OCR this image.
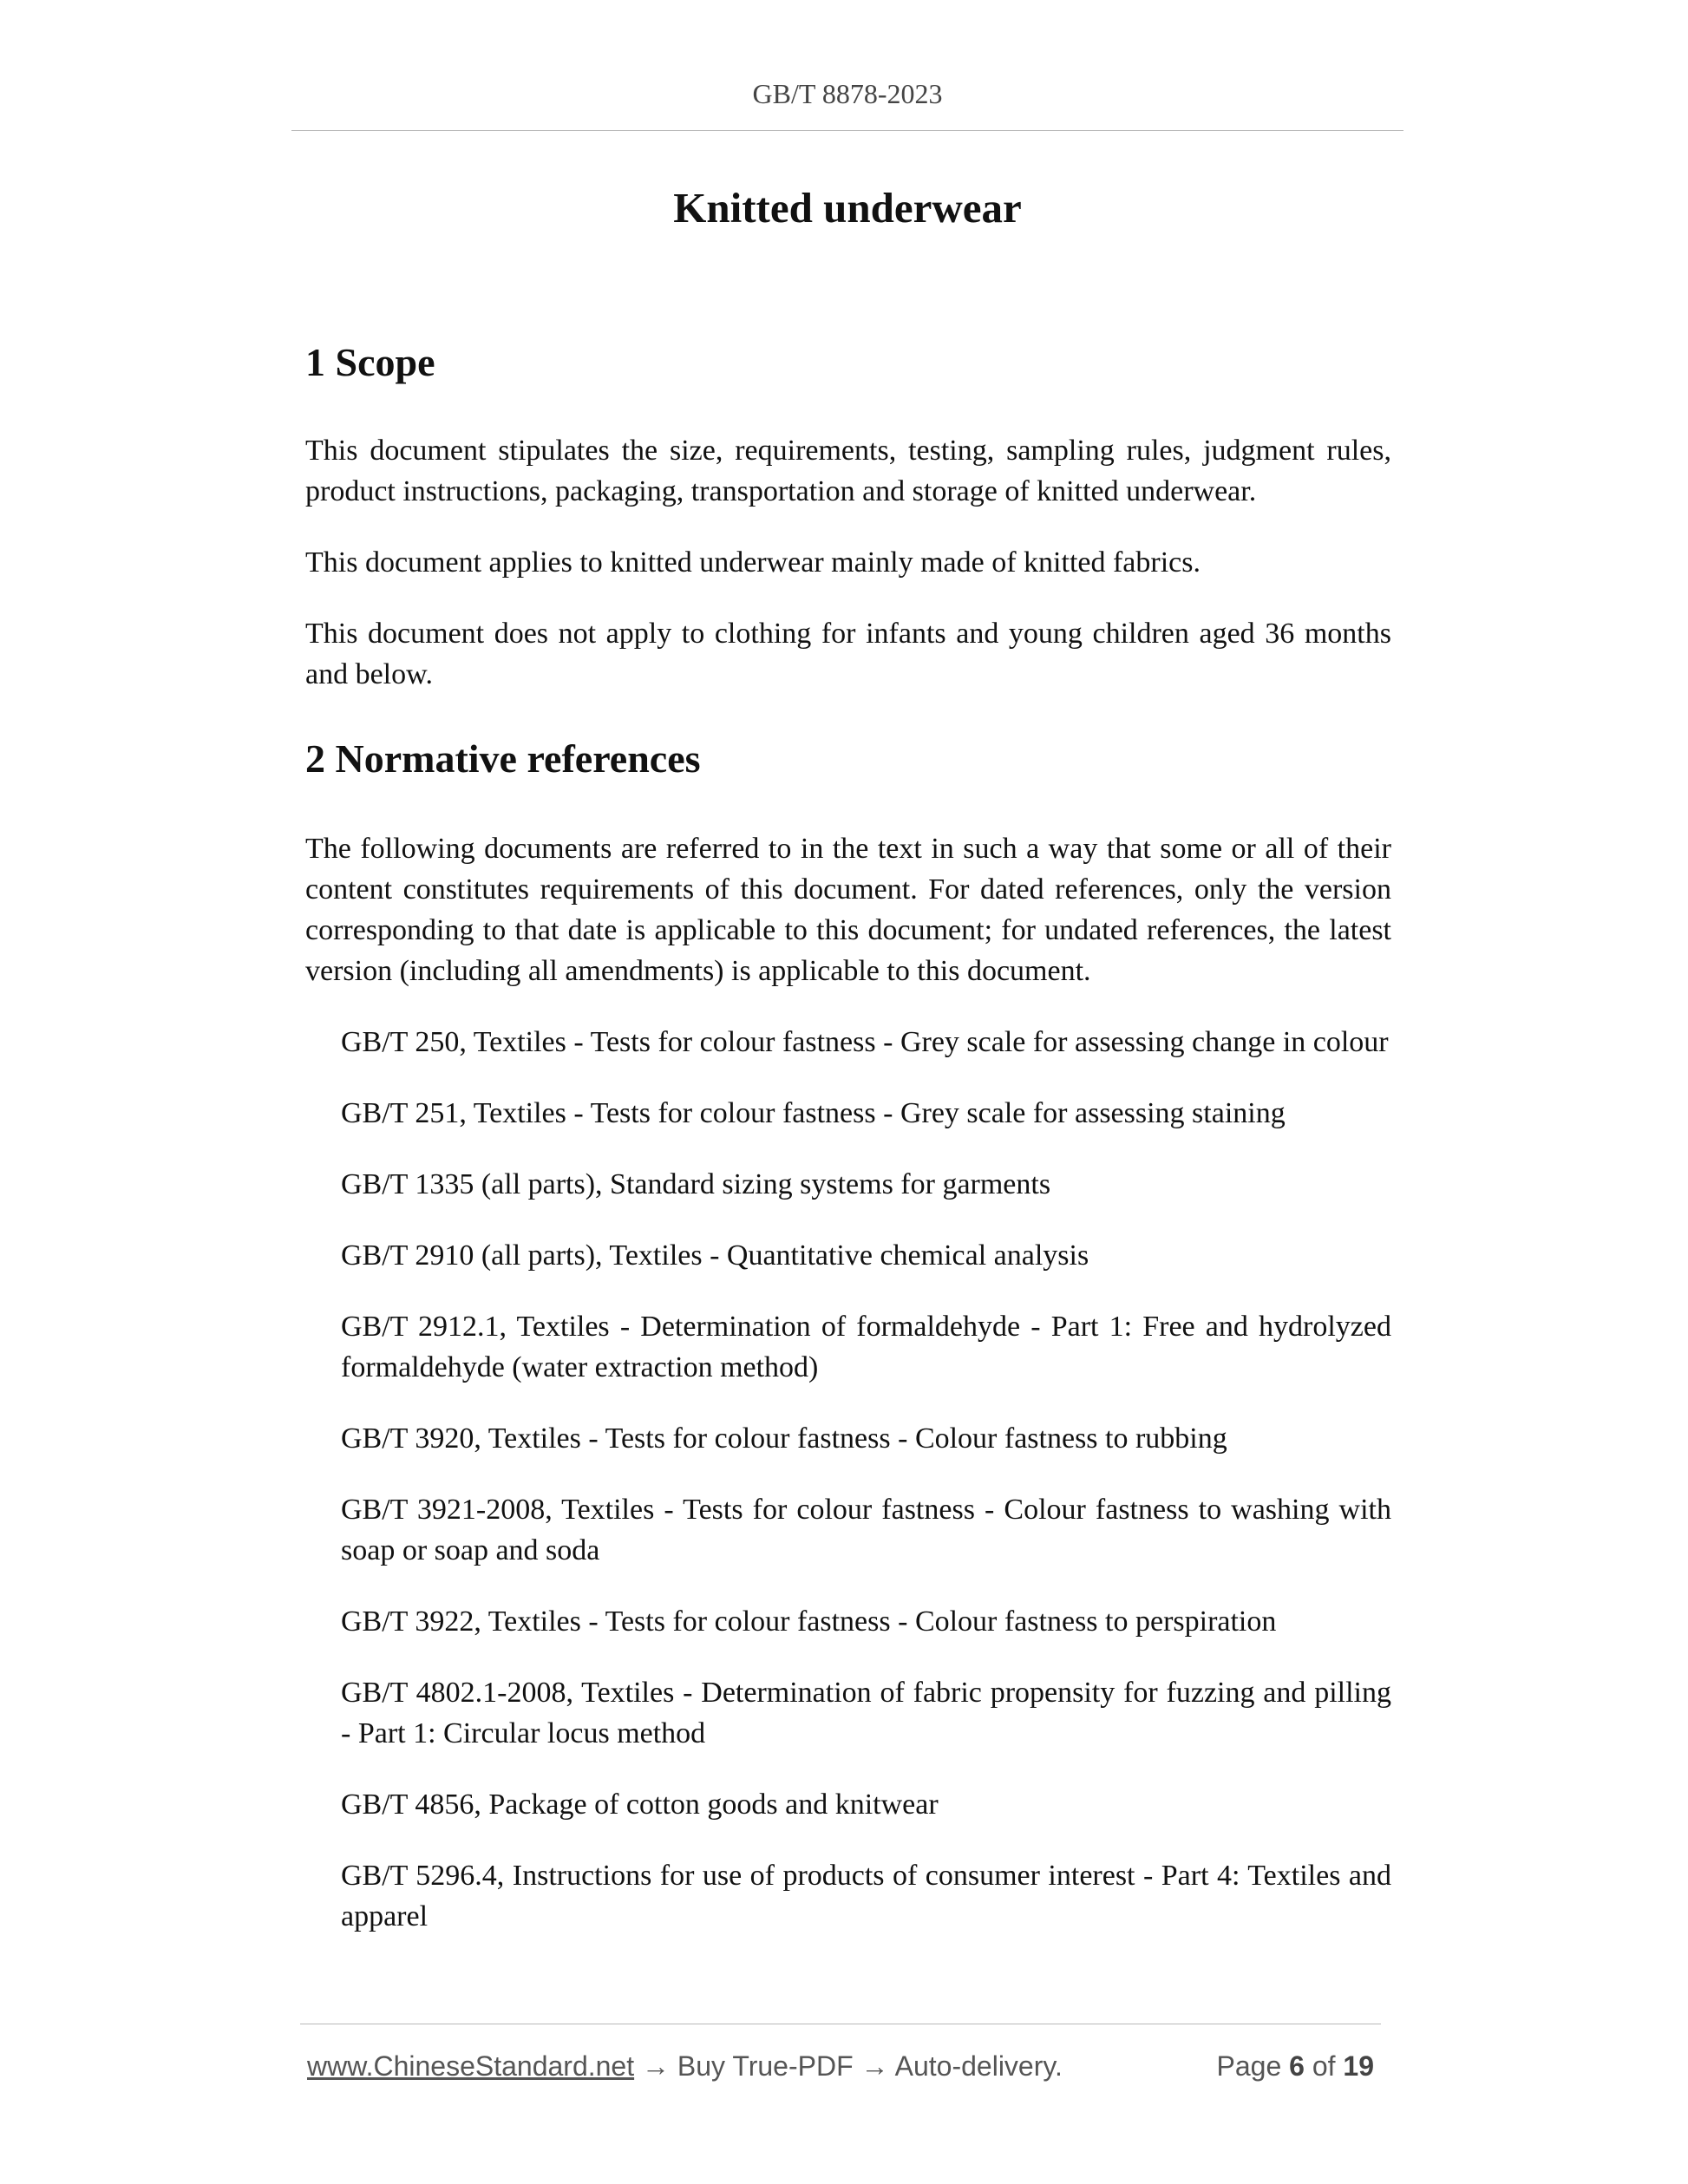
GB/T 8878-2023
Knitted underwear
1 Scope

This document stipulates the size, requirements, testing, sampling rules, judgment rules, product instructions, packaging, transportation and storage of knitted underwear.

This document applies to knitted underwear mainly made of knitted fabrics.

This document does not apply to clothing for infants and young children aged 36 months and below.

2 Normative references

The following documents are referred to in the text in such a way that some or all of their content constitutes requirements of this document. For dated references, only the version corresponding to that date is applicable to this document; for undated references, the latest version (including all amendments) is applicable to this document.

GB/T 250, Textiles - Tests for colour fastness - Grey scale for assessing change in colour
GB/T 251, Textiles - Tests for colour fastness - Grey scale for assessing staining
GB/T 1335 (all parts), Standard sizing systems for garments
GB/T 2910 (all parts), Textiles - Quantitative chemical analysis
GB/T 2912.1, Textiles - Determination of formaldehyde - Part 1: Free and hydrolyzed formaldehyde (water extraction method)
GB/T 3920, Textiles - Tests for colour fastness - Colour fastness to rubbing
GB/T 3921-2008, Textiles - Tests for colour fastness - Colour fastness to washing with soap or soap and soda
GB/T 3922, Textiles - Tests for colour fastness - Colour fastness to perspiration
GB/T 4802.1-2008, Textiles - Determination of fabric propensity for fuzzing and pilling - Part 1: Circular locus method
GB/T 4856, Package of cotton goods and knitwear
GB/T 5296.4, Instructions for use of products of consumer interest - Part 4: Textiles and apparel
www.ChineseStandard.net → Buy True-PDF → Auto-delivery.	Page 6 of 19
